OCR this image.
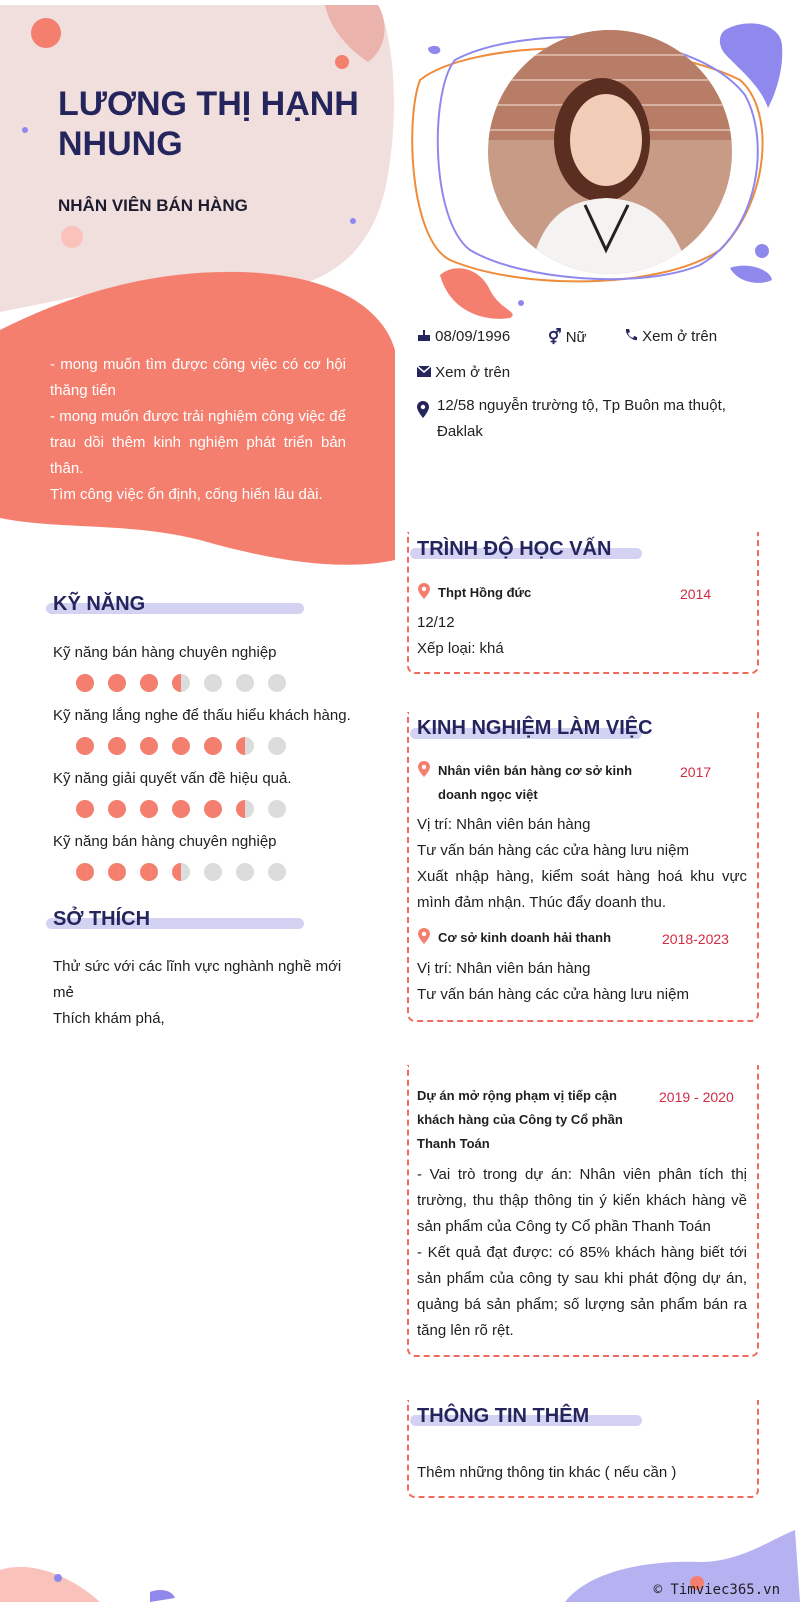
LƯƠNG THỊ HẠNH NHUNG
NHÂN VIÊN BÁN HÀNG
- mong muốn tìm được công việc có cơ hội thăng tiến
- mong muốn được trải nghiệm công việc để trau dồi thêm kinh nghiệm phát triển bản thân.
Tìm công việc ổn định, cống hiến lâu dài.
08/09/1996	⚥ Nữ	Xem ở trên
Xem ở trên
12/58 nguyễn trường tộ, Tp Buôn ma thuột, Đaklak
KỸ NĂNG
Kỹ năng bán hàng chuyên nghiệp
Kỹ năng lắng nghe để thấu hiểu khách hàng.
Kỹ năng giải quyết vấn đề hiệu quả.
Kỹ năng bán hàng chuyên nghiệp
SỞ THÍCH
Thử sức với các lĩnh vực nghành nghề mới mẻ
Thích khám phá,
TRÌNH ĐỘ HỌC VẤN
Thpt Hồng đức	2014
12/12
Xếp loại: khá
KINH NGHIỆM LÀM VIỆC
Nhân viên bán hàng cơ sở kinh doanh ngọc việt
2017
Vị trí: Nhân viên bán hàng
Tư vấn bán hàng các cửa hàng lưu niệm
Xuất nhập hàng, kiểm soát hàng hoá khu vực mình đảm nhận. Thúc đẩy doanh thu.
Cơ sở kinh doanh hải thanh	2018-2023
Vị trí: Nhân viên bán hàng
Tư vấn bán hàng các cửa hàng lưu niệm
Dự án mở rộng phạm vị tiếp cận khách hàng của Công ty Cổ phần Thanh Toán
2019 - 2020
- Vai trò trong dự án: Nhân viên phân tích thị trường, thu thập thông tin ý kiến khách hàng về sản phẩm của Công ty Cổ phần Thanh Toán
- Kết quả đạt được: có 85% khách hàng biết tới sản phẩm của công ty sau khi phát động dự án, quảng bá sản phẩm; số lượng sản phẩm bán ra tăng lên rõ rệt.
THÔNG TIN THÊM
Thêm những thông tin khác ( nếu cần )
© Timviec365.vn
